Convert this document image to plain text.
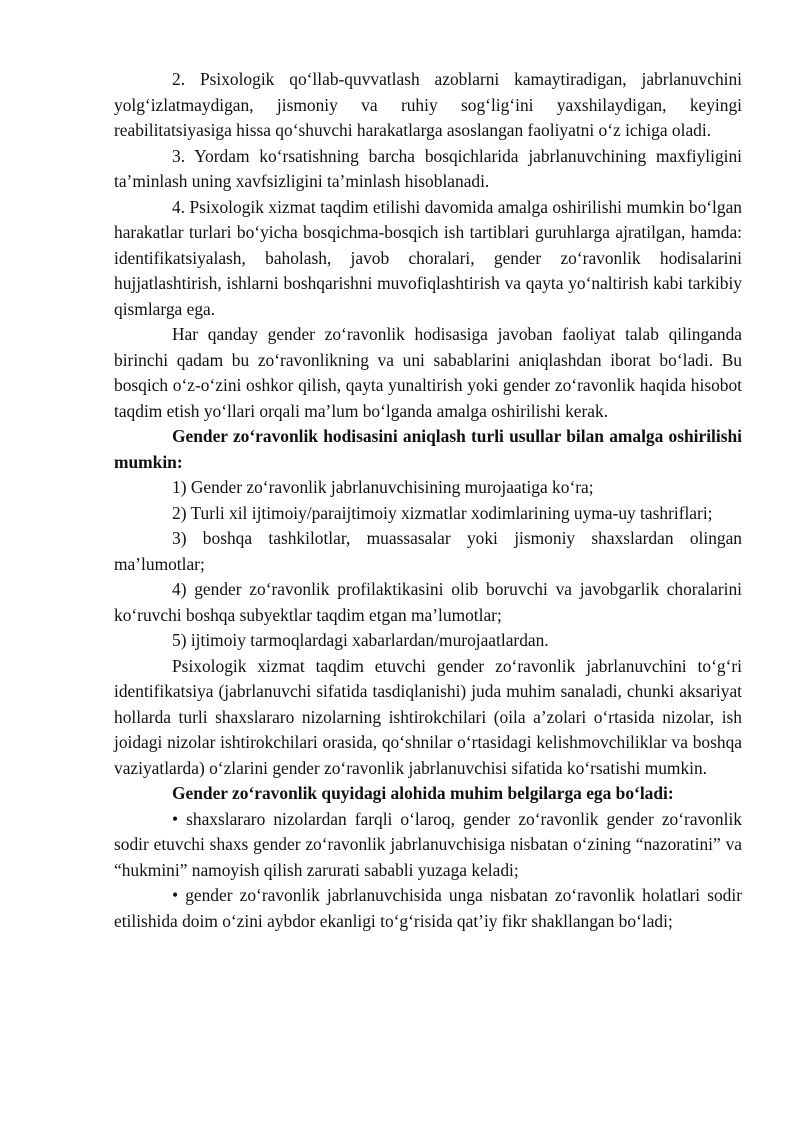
2. Psixologik qo‘llab-quvvatlash azoblarni kamaytiradigan, jabrlanuvchini yolg‘izlatmaydigan, jismoniy va ruhiy sog‘lig‘ini yaxshilaydigan, keyingi reabilitatsiyasiga hissa qo‘shuvchi harakatlarga asoslangan faoliyatni o‘z ichiga oladi.

3. Yordam ko‘rsatishning barcha bosqichlarida jabrlanuvchining maxfiyligini ta’minlash uning xavfsizligini ta’minlash hisoblanadi.

4. Psixologik xizmat taqdim etilishi davomida amalga oshirilishi mumkin bo‘lgan harakatlar turlari bo‘yicha bosqichma-bosqich ish tartiblari guruhlarga ajratilgan, hamda: identifikatsiyalash, baholash, javob choralari, gender zo‘ravonlik hodisalarini hujjatlashtirish, ishlarni boshqarishni muvofiqlashtirish va qayta yo‘naltirish kabi tarkibiy qismlarga ega.

Har qanday gender zo‘ravonlik hodisasiga javoban faoliyat talab qilinganda birinchi qadam bu zo‘ravonlikning va uni sabablarini aniqlashdan iborat bo‘ladi. Bu bosqich o‘z-o‘zini oshkor qilish, qayta yunaltirish yoki gender zo‘ravonlik haqida hisobot taqdim etish yo‘llari orqali ma’lum bo‘lganda amalga oshirilishi kerak.

Gender zo‘ravonlik hodisasini aniqlash turli usullar bilan amalga oshirilishi mumkin:

1) Gender zo‘ravonlik jabrlanuvchisining murojaatiga ko‘ra;

2) Turli xil ijtimoiy/paraijtimoiy xizmatlar xodimlarining uyma-uy tashriflari;

3) boshqa tashkilotlar, muassasalar yoki jismoniy shaxslardan olingan ma’lumotlar;

4) gender zo‘ravonlik profilaktikasini olib boruvchi va javobgarlik choralarini ko‘ruvchi boshqa subyektlar taqdim etgan ma’lumotlar;

5) ijtimoiy tarmoqlardagi xabarlardan/murojaatlardan.

Psixologik xizmat taqdim etuvchi gender zo‘ravonlik jabrlanuvchini to‘g‘ri identifikatsiya (jabrlanuvchi sifatida tasdiqlanishi) juda muhim sanaladi, chunki aksariyat hollarda turli shaxslararo nizolarning ishtirokchilari (oila a’zolari o‘rtasida nizolar, ish joidagi nizolar ishtirokchilari orasida, qo‘shnilar o‘rtasidagi kelishmovchiliklar va boshqa vaziyatlarda) o‘zlarini gender zo‘ravonlik jabrlanuvchisi sifatida ko‘rsatishi mumkin.

Gender zo‘ravonlik quyidagi alohida muhim belgilarga ega bo‘ladi:

• shaxslararo nizolardan farqli o‘laroq, gender zo‘ravonlik gender zo‘ravonlik sodir etuvchi shaxs gender zo‘ravonlik jabrlanuvchisiga nisbatan o‘zining “nazoratini” va “hukmini” namoyish qilish zarurati sababli yuzaga keladi;

• gender zo‘ravonlik jabrlanuvchisida unga nisbatan zo‘ravonlik holatlari sodir etilishida doim o‘zini aybdor ekanligi to‘g‘risida qat’iy fikr shakllangan bo‘ladi;
